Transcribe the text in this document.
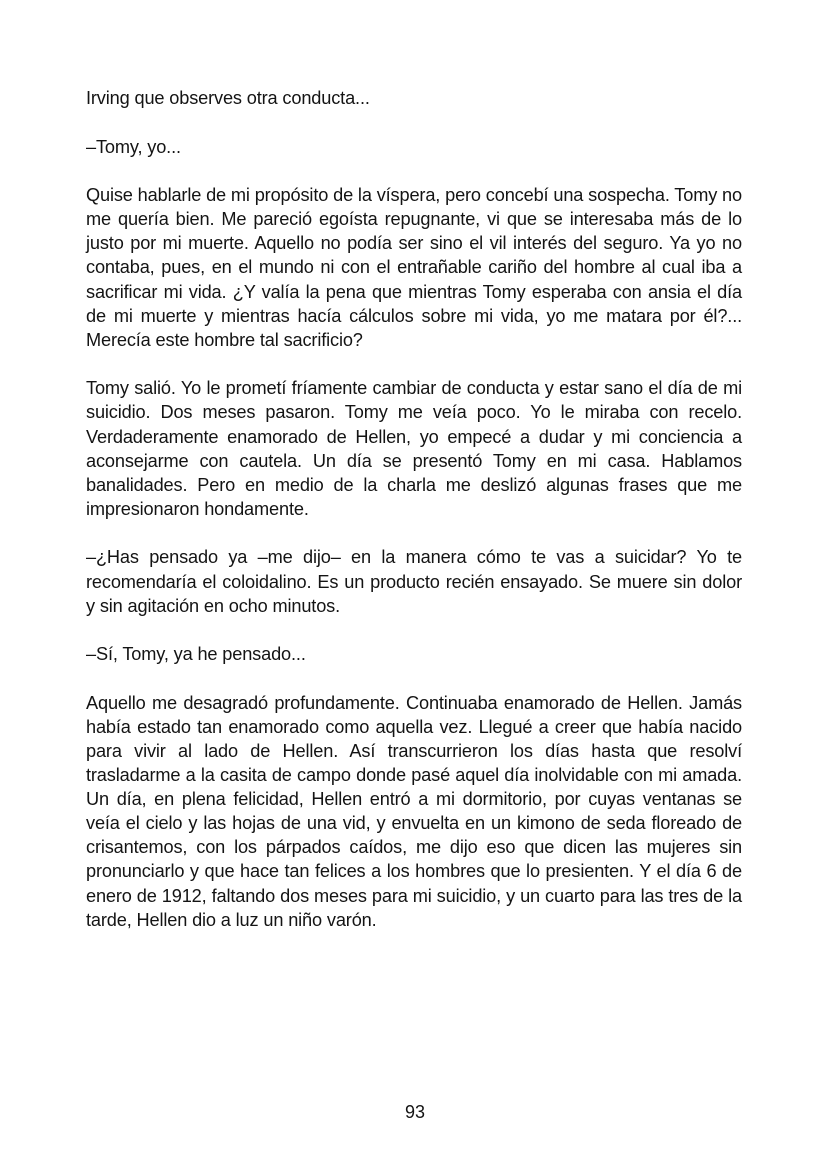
Irving que observes otra conducta...

–Tomy, yo...

Quise hablarle de mi propósito de la víspera, pero concebí una sospecha. Tomy no me quería bien. Me pareció egoísta repugnante, vi que se interesaba más de lo justo por mi muerte. Aquello no podía ser sino el vil interés del seguro. Ya yo no contaba, pues, en el mundo ni con el entrañable cariño del hombre al cual iba a sacrificar mi vida. ¿Y valía la pena que mientras Tomy esperaba con ansia el día de mi muerte y mientras hacía cálculos sobre mi vida, yo me matara por él?... Merecía este hombre tal sacrificio?

Tomy salió. Yo le prometí fríamente cambiar de conducta y estar sano el día de mi suicidio. Dos meses pasaron. Tomy me veía poco. Yo le miraba con recelo. Verdaderamente enamorado de Hellen, yo empecé a dudar y mi conciencia a aconsejarme con cautela. Un día se presentó Tomy en mi casa. Hablamos banalidades. Pero en medio de la charla me deslizó algunas frases que me impresionaron hondamente.

–¿Has pensado ya –me dijo– en la manera cómo te vas a suicidar? Yo te recomendaría el coloidalino. Es un producto recién ensayado. Se muere sin dolor y sin agitación en ocho minutos.

–Sí, Tomy, ya he pensado...

Aquello me desagradó profundamente. Continuaba enamorado de Hellen. Jamás había estado tan enamorado como aquella vez. Llegué a creer que había nacido para vivir al lado de Hellen. Así transcurrieron los días hasta que resolví trasladarme a la casita de campo donde pasé aquel día inolvidable con mi amada. Un día, en plena felicidad, Hellen entró a mi dormitorio, por cuyas ventanas se veía el cielo y las hojas de una vid, y envuelta en un kimono de seda floreado de crisantemos, con los párpados caídos, me dijo eso que dicen las mujeres sin pronunciarlo y que hace tan felices a los hombres que lo presienten. Y el día 6 de enero de 1912, faltando dos meses para mi suicidio, y un cuarto para las tres de la tarde, Hellen dio a luz un niño varón.

93
